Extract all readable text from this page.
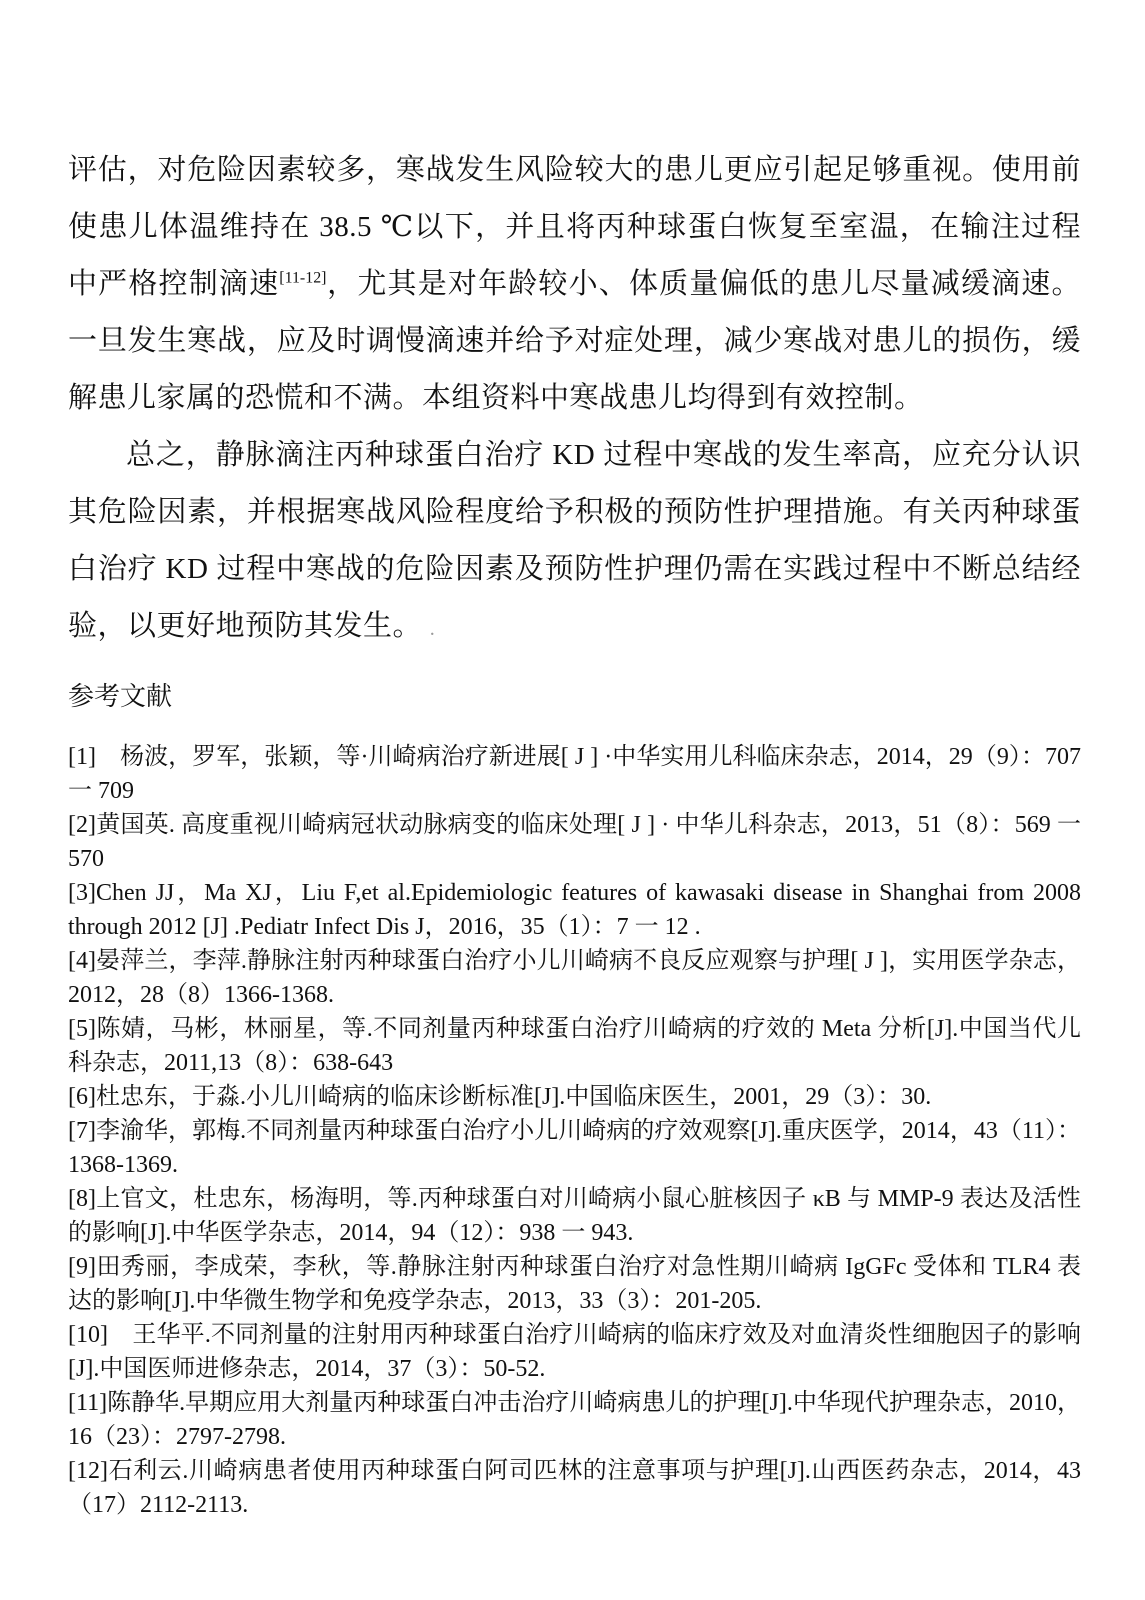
评估，对危险因素较多，寒战发生风险较大的患儿更应引起足够重视。使用前使患儿体温维持在 38.5 ℃以下，并且将丙种球蛋白恢复至室温，在输注过程中严格控制滴速[11-12]，尤其是对年龄较小、体质量偏低的患儿尽量减缓滴速。一旦发生寒战，应及时调慢滴速并给予对症处理，减少寒战对患儿的损伤，缓解患儿家属的恐慌和不满。本组资料中寒战患儿均得到有效控制。

总之，静脉滴注丙种球蛋白治疗 KD 过程中寒战的发生率高，应充分认识其危险因素，并根据寒战风险程度给予积极的预防性护理措施。有关丙种球蛋白治疗 KD 过程中寒战的危险因素及预防性护理仍需在实践过程中不断总结经验，以更好地预防其发生。 .

参考文献

[1]　杨波，罗军，张颖，等·川崎病治疗新进展[ J ] ·中华实用儿科临床杂志，2014，29（9）：707 一 709

[2]黄国英. 高度重视川崎病冠状动脉病变的临床处理[ J ] · 中华儿科杂志，2013，51（8）：569 一 570

[3]Chen JJ，Ma XJ，Liu F,et al.Epidemiologic features of kawasaki disease in Shanghai from 2008 through 2012 [J] .Pediatr Infect Dis J，2016，35（1）：7 一 12 .

[4]晏萍兰，李萍.静脉注射丙种球蛋白治疗小儿川崎病不良反应观察与护理[ J ]，实用医学杂志，2012，28（8）1366-1368.

[5]陈婧，马彬，林丽星，等.不同剂量丙种球蛋白治疗川崎病的疗效的 Meta 分析[J].中国当代儿科杂志，2011,13（8）：638-643

[6]杜忠东，于淼.小儿川崎病的临床诊断标准[J].中国临床医生，2001，29（3）：30.

[7]李渝华，郭梅.不同剂量丙种球蛋白治疗小儿川崎病的疗效观察[J].重庆医学，2014，43（11）：1368-1369.

[8]上官文，杜忠东，杨海明，等.丙种球蛋白对川崎病小鼠心脏核因子 κB 与 MMP-9 表达及活性的影响[J].中华医学杂志，2014，94（12）：938 一 943.

[9]田秀丽，李成荣，李秋，等.静脉注射丙种球蛋白治疗对急性期川崎病 IgGFc 受体和 TLR4 表达的影响[J].中华微生物学和免疫学杂志，2013，33（3）：201-205.

[10]　王华平.不同剂量的注射用丙种球蛋白治疗川崎病的临床疗效及对血清炎性细胞因子的影响[J].中国医师进修杂志，2014，37（3）：50-52.

[11]陈静华.早期应用大剂量丙种球蛋白冲击治疗川崎病患儿的护理[J].中华现代护理杂志，2010，16（23）：2797-2798.

[12]石利云.川崎病患者使用丙种球蛋白阿司匹林的注意事项与护理[J].山西医药杂志，2014，43（17）2112-2113.
